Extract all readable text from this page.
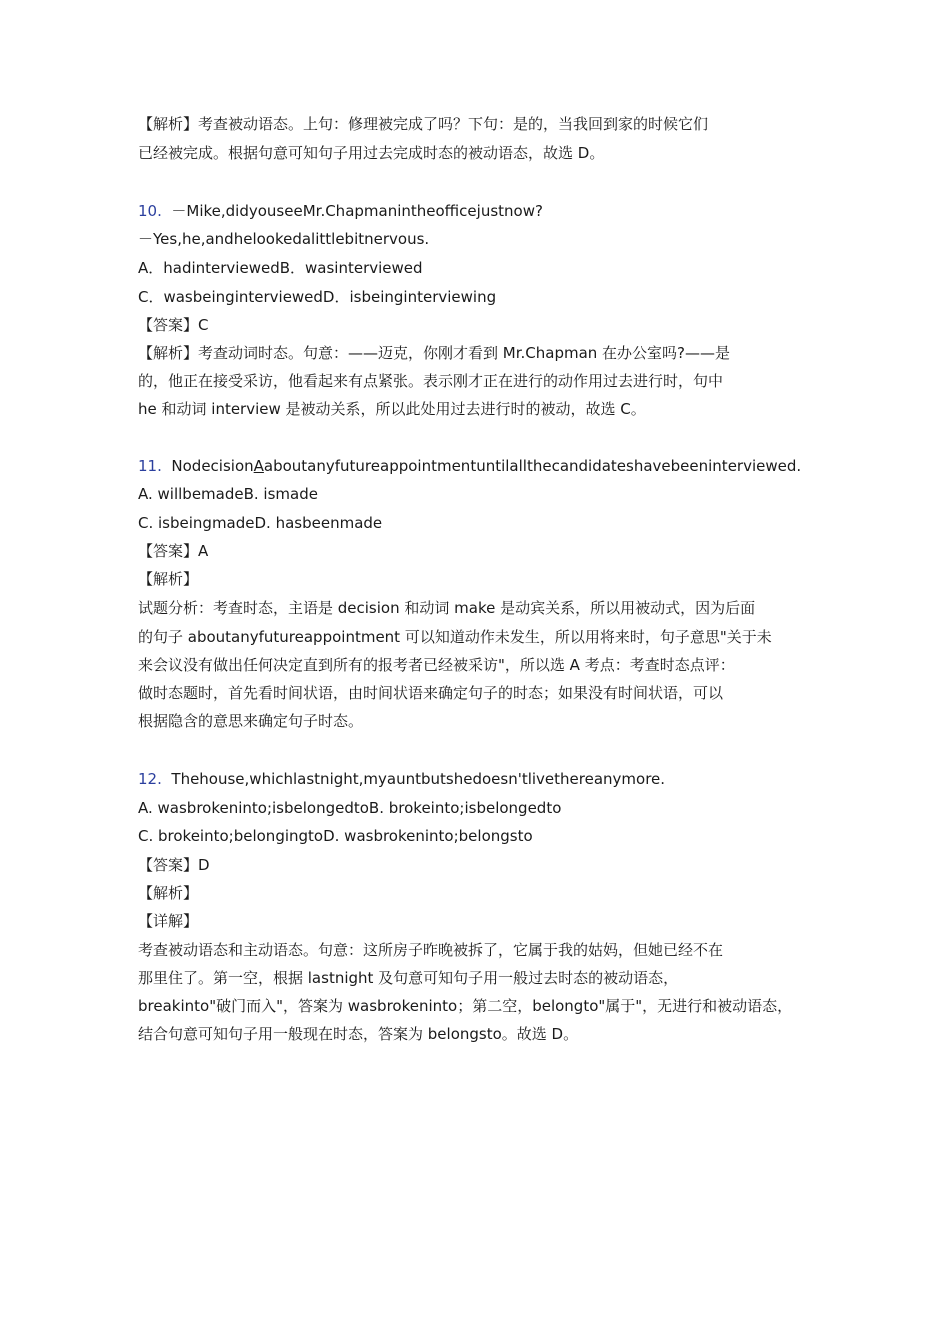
【解析】考查被动语态。上句：修理被完成了吗？下句：是的，当我回到家的时候它们
已经被完成。根据句意可知句子用过去完成时态的被动语态，故选 D。
10. －Mike,didyouseeMr.Chapmanintheofficejustnow?
－Yes,he,andhelookedalittlebitnervous.
A．hadinterviewedB．wasinterviewed
C．wasbeinginterviewedD．isbeinginterviewing
【答案】C
【解析】考查动词时态。句意：——迈克，你刚才看到 Mr.Chapman 在办公室吗?——是
的，他正在接受采访，他看起来有点紧张。表示刚才正在进行的动作用过去进行时，句中
he 和动词 interview 是被动关系，所以此处用过去进行时的被动，故选 C。
11. NodecisionAaboutanyfutureappointmentuntilallthecandidateshavebeeninterviewed.
A. willbemadeB. ismade
C. isbeingmadeD. hasbeenmade
【答案】A
【解析】
试题分析：考查时态，主语是 decision 和动词 make 是动宾关系，所以用被动式，因为后面
的句子 aboutanyfutureappointment 可以知道动作未发生，所以用将来时，句子意思"关于未
来会议没有做出任何决定直到所有的报考者已经被采访"，所以选 A 考点：考查时态点评：
做时态题时，首先看时间状语，由时间状语来确定句子的时态；如果没有时间状语，可以
根据隐含的意思来确定句子时态。
12. Thehouse,whichlastnight,myauntbutshedoesn'tlivethereanymore.
A. wasbrokeninto;isbelongedtoB. brokeinto;isbelongedto
C. brokeinto;belongingtoD. wasbrokeninto;belongsto
【答案】D
【解析】
【详解】
考查被动语态和主动语态。句意：这所房子昨晚被拆了，它属于我的姑妈，但她已经不在
那里住了。第一空，根据 lastnight 及句意可知句子用一般过去时态的被动语态，
breakinto"破门而入"，答案为 wasbrokeninto；第二空，belongto"属于"，无进行和被动语态，
结合句意可知句子用一般现在时态，答案为 belongsto。故选 D。
